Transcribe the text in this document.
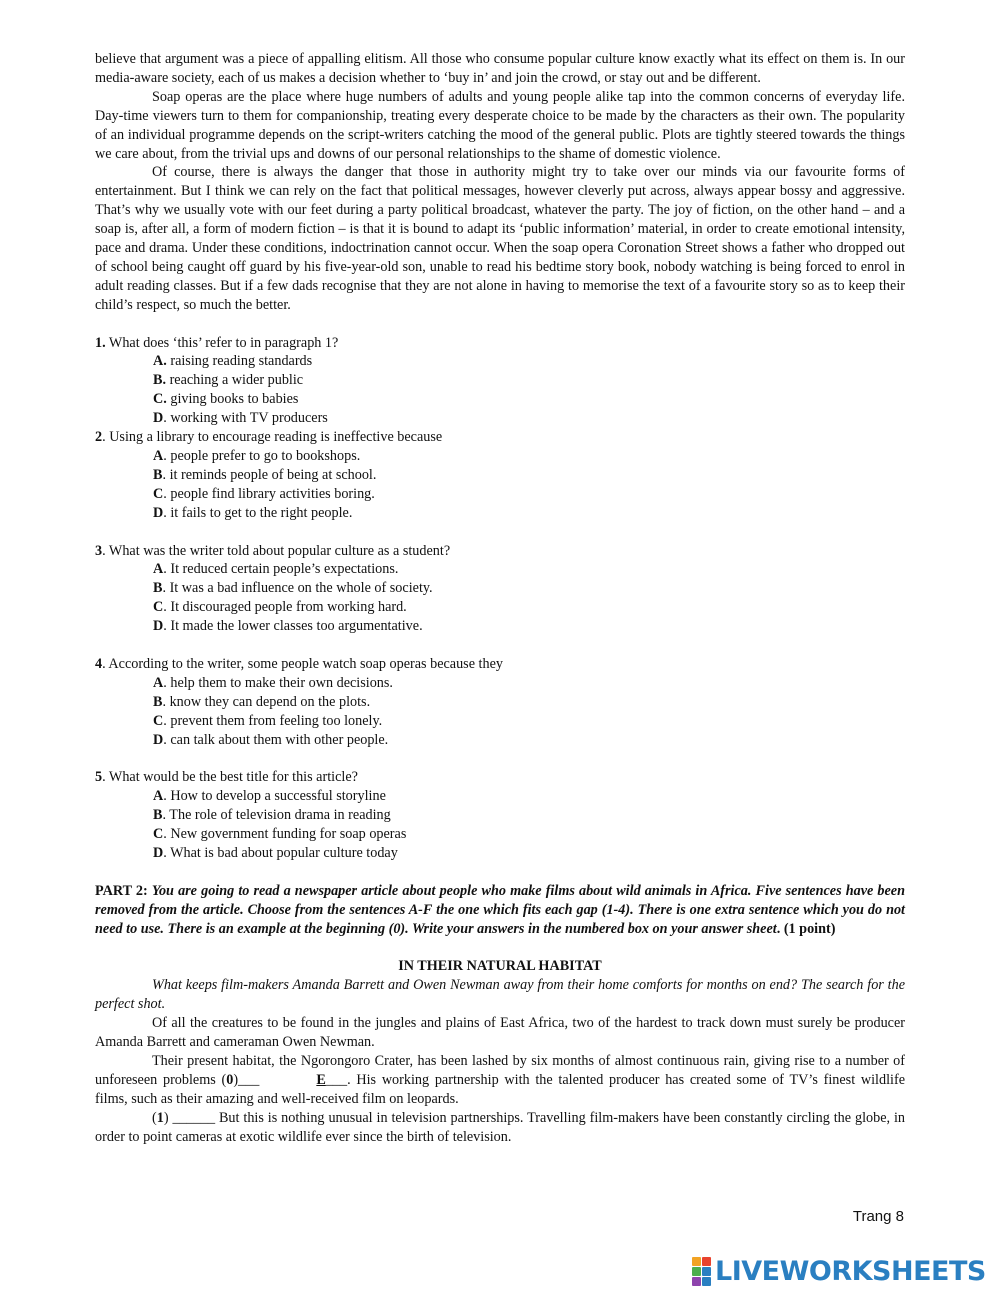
believe that argument was a piece of appalling elitism. All those who consume popular culture know exactly what its effect on them is. In our media-aware society, each of us makes a decision whether to ‘buy in’ and join the crowd, or stay out and be different.

Soap operas are the place where huge numbers of adults and young people alike tap into the common concerns of everyday life. Day-time viewers turn to them for companionship, treating every desperate choice to be made by the characters as their own. The popularity of an individual programme depends on the script-writers catching the mood of the general public. Plots are tightly steered towards the things we care about, from the trivial ups and downs of our personal relationships to the shame of domestic violence.

Of course, there is always the danger that those in authority might try to take over our minds via our favourite forms of entertainment. But I think we can rely on the fact that political messages, however cleverly put across, always appear bossy and aggressive. That’s why we usually vote with our feet during a party political broadcast, whatever the party. The joy of fiction, on the other hand – and a soap is, after all, a form of modern fiction – is that it is bound to adapt its ‘public information’ material, in order to create emotional intensity, pace and drama. Under these conditions, indoctrination cannot occur. When the soap opera Coronation Street shows a father who dropped out of school being caught off guard by his five-year-old son, unable to read his bedtime story book, nobody watching is being forced to enrol in adult reading classes. But if a few dads recognise that they are not alone in having to memorise the text of a favourite story so as to keep their child’s respect, so much the better.

1. What does ‘this’ refer to in paragraph 1?

A. raising reading standards

B. reaching a wider public

C. giving books to babies

D. working with TV producers

2. Using a library to encourage reading is ineffective because

A. people prefer to go to bookshops.

B. it reminds people of being at school.

C. people find library activities boring.

D. it fails to get to the right people.

3. What was the writer told about popular culture as a student?

A. It reduced certain people’s expectations.

B. It was a bad influence on the whole of society.

C. It discouraged people from working hard.

D. It made the lower classes too argumentative.

4. According to the writer, some people watch soap operas because they

A. help them to make their own decisions.

B. know they can depend on the plots.

C. prevent them from feeling too lonely.

D. can talk about them with other people.

5. What would be the best title for this article?

A. How to develop a successful storyline

B. The role of television drama in reading

C. New government funding for soap operas

D. What is bad about popular culture today

PART 2: You are going to read a newspaper article about people who make films about wild animals in Africa. Five sentences have been removed from the article. Choose from the sentences A-F the one which fits each gap (1-4). There is one extra sentence which you do not need to use. There is an example at the beginning (0). Write your answers in the numbered box on your answer sheet. (1 point)

IN THEIR NATURAL HABITAT

What keeps film-makers Amanda Barrett and Owen Newman away from their home comforts for months on end? The search for the perfect shot.

Of all the creatures to be found in the jungles and plains of East Africa, two of the hardest to track down must surely be producer Amanda Barrett and cameraman Owen Newman.

Their present habitat, the Ngorongoro Crater, has been lashed by six months of almost continuous rain, giving rise to a number of unforeseen problems (0)___	E___. His working partnership with the talented producer has created some of TV’s finest wildlife films, such as their amazing and well-received film on leopards.

(1) ______ But this is nothing unusual in television partnerships. Travelling film-makers have been constantly circling the globe, in order to point cameras at exotic wildlife ever since the birth of television.

Trang 8
LIVEWORKSHEETS
